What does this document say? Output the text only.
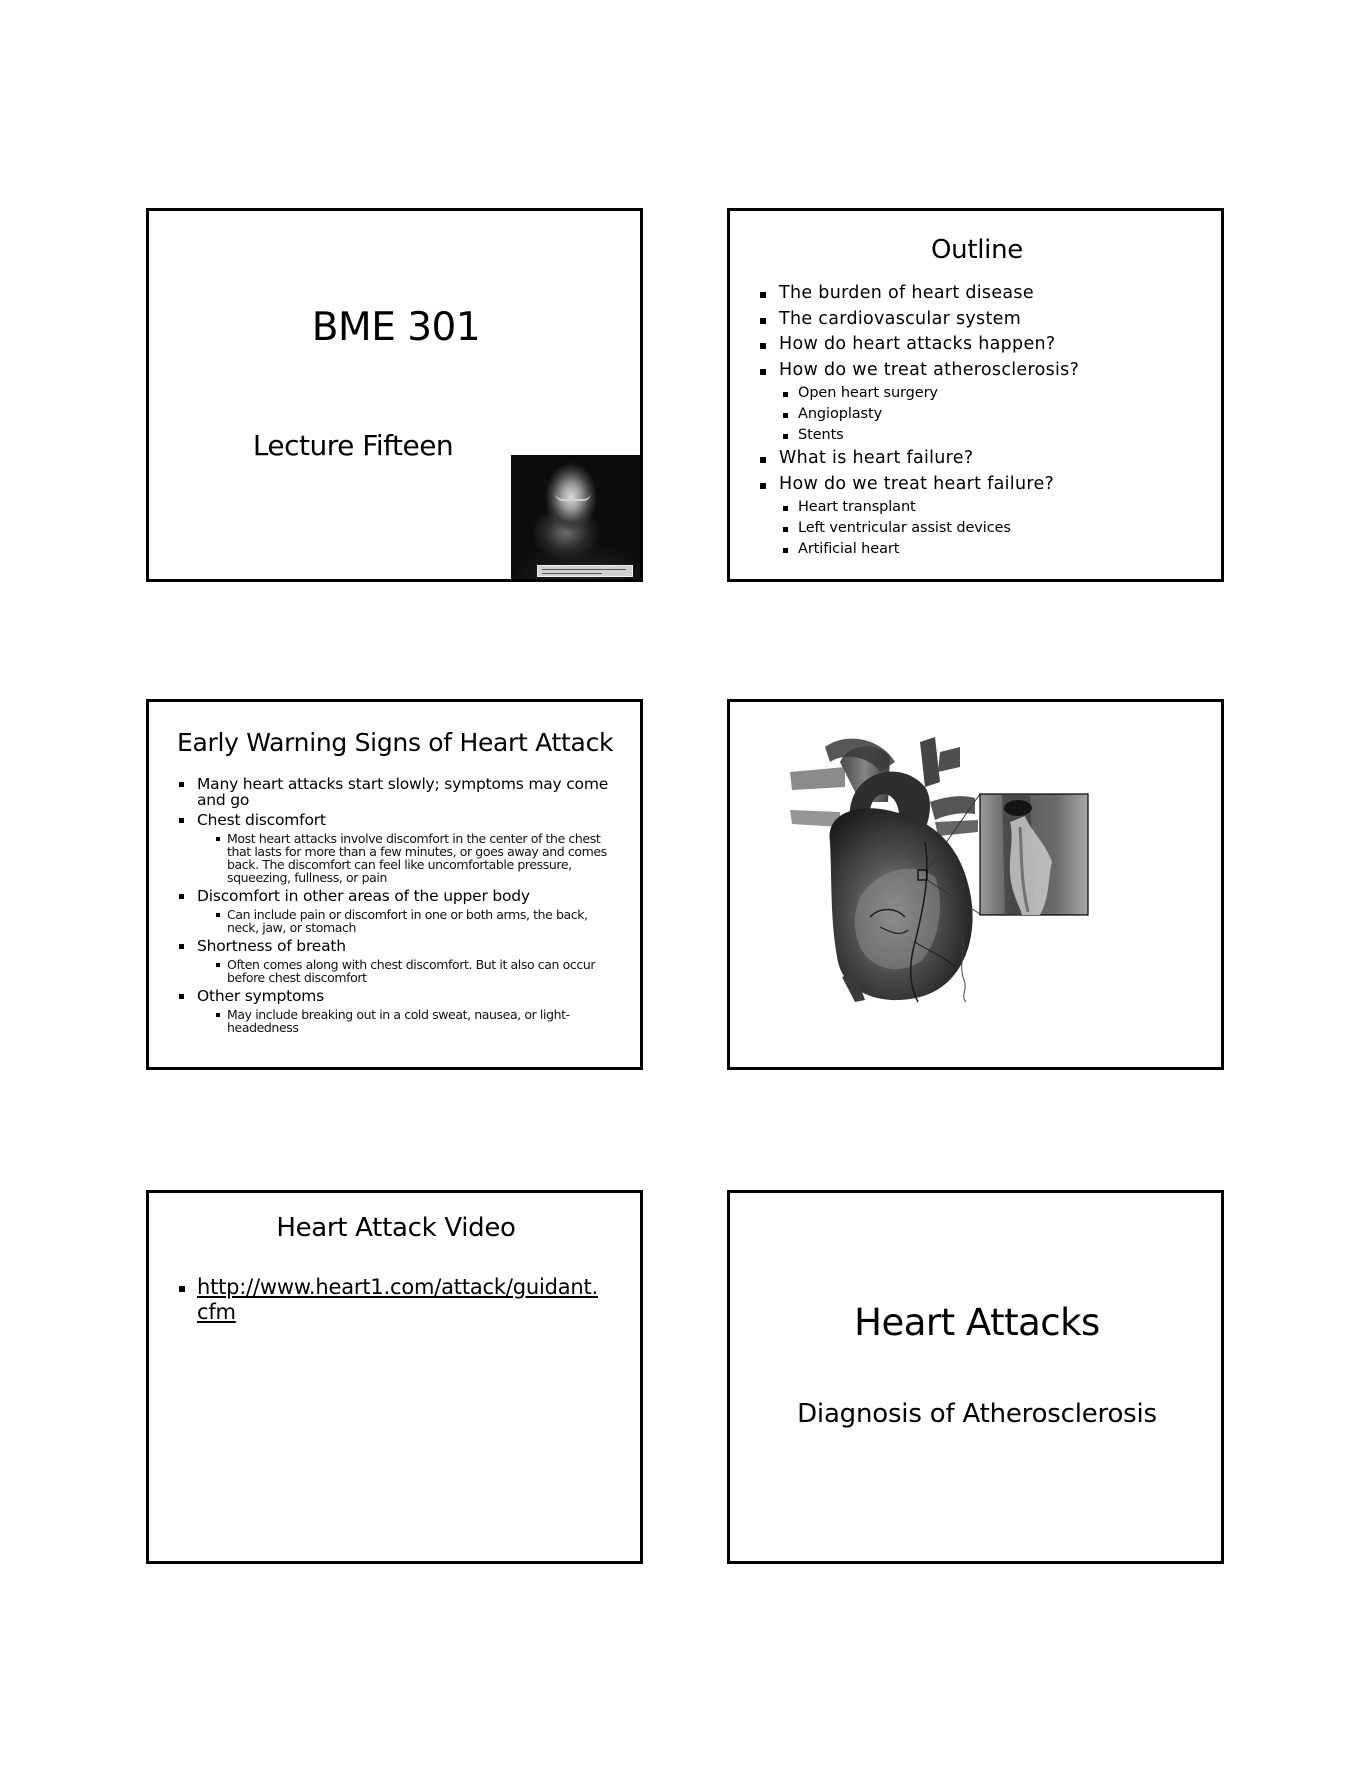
BME 301
Lecture Fifteen
Outline
The burden of heart disease
The cardiovascular system
How do heart attacks happen?
How do we treat atherosclerosis?
Open heart surgery
Angioplasty
Stents
What is heart failure?
How do we treat heart failure?
Heart transplant
Left ventricular assist devices
Artificial heart
Early Warning Signs of Heart Attack
Many heart attacks start slowly; symptoms may come and go
Chest discomfort
Most heart attacks involve discomfort in the center of the chest that lasts for more than a few minutes, or goes away and comes back. The discomfort can feel like uncomfortable pressure, squeezing, fullness, or pain
Discomfort in other areas of the upper body
Can include pain or discomfort in one or both arms, the back, neck, jaw, or stomach
Shortness of breath
Often comes along with chest discomfort. But it also can occur before chest discomfort
Other symptoms
May include breaking out in a cold sweat, nausea, or light-headedness
Heart Attack Video
http://www.heart1.com/attack/guidant.cfm	Heart Attacks
Diagnosis of Atherosclerosis
